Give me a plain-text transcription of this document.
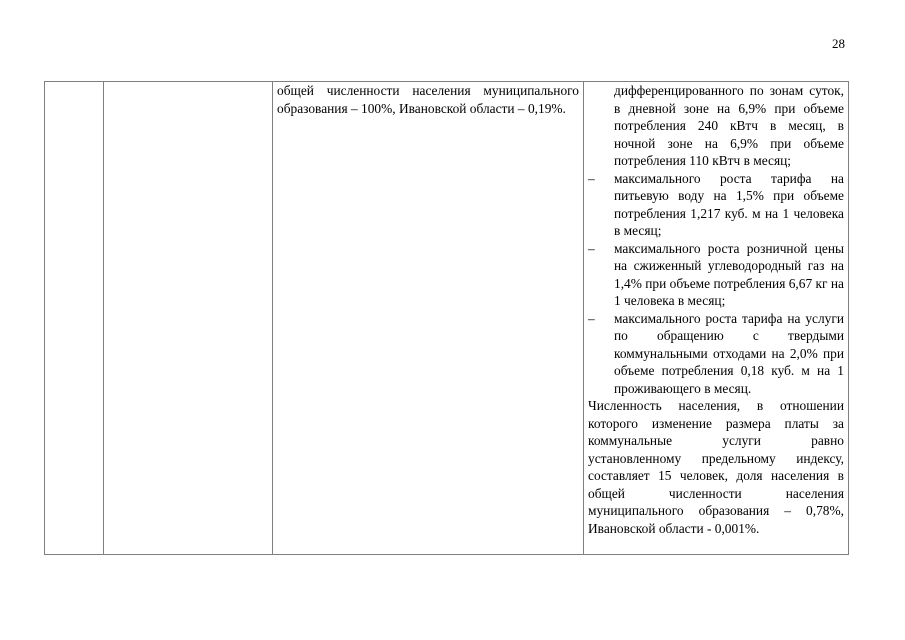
28
		общей численности населения муниципального образования – 100%, Ивановской области – 0,19%.	

дифференцированного по зонам суток, в дневной зоне на 6,9% при объеме потребления 240 кВтч в месяц, в ночной зоне на 6,9% при объеме потребления 110 кВтч в месяц;

– максимального роста тарифа на питьевую воду на 1,5% при объеме потребления 1,217 куб. м на 1 человека в месяц;
– максимального роста розничной цены на сжиженный углеводородный газ на 1,4% при объеме потребления 6,67 кг на 1 человека в месяц;
– максимального роста тарифа на услуги по обращению с твердыми коммунальными отходами на 2,0% при объеме потребления 0,18 куб. м на 1 проживающего в месяц.

Численность населения, в отношении которого изменение размера платы за коммунальные услуги равно установленному предельному индексу, составляет 15 человек, доля населения в общей численности населения муниципального образования – 0,78%, Ивановской области - 0,001%.
